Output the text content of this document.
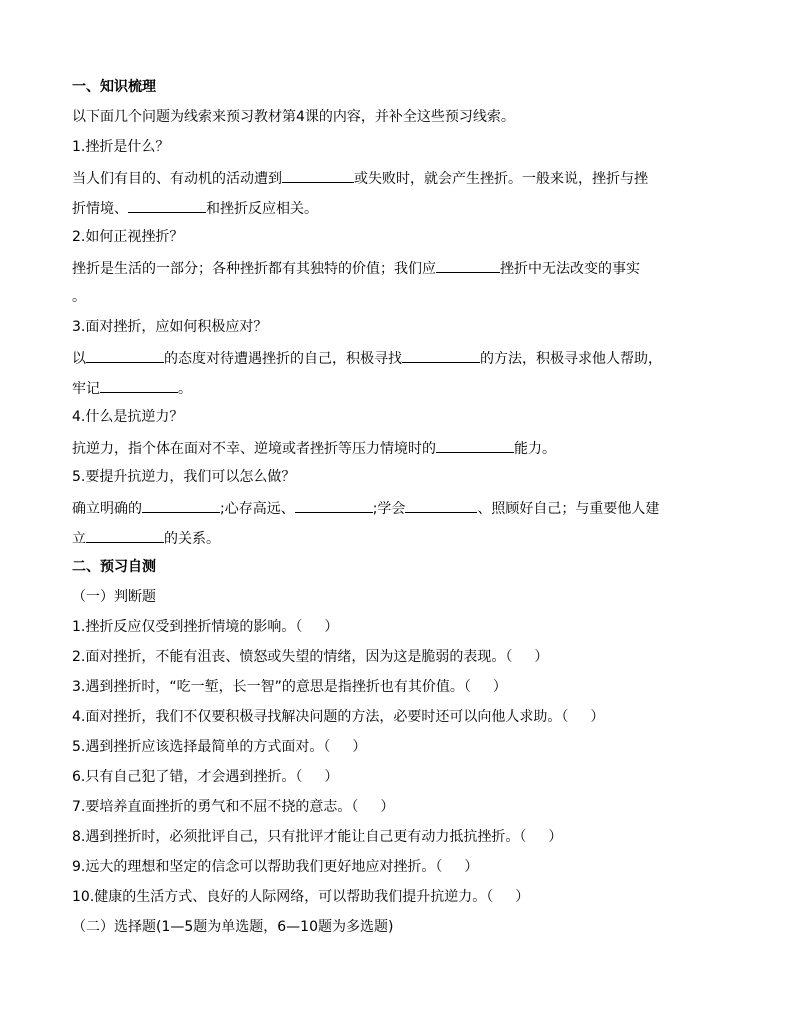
一、知识梳理
以下面几个问题为线索来预习教材第4课的内容，并补全这些预习线索。
1.挫折是什么？
当人们有目的、有动机的活动遭到	或失败时，就会产生挫折。一般来说，挫折与挫
折情境、	和挫折反应相关。
2.如何正视挫折？
挫折是生活的一部分；各种挫折都有其独特的价值；我们应	挫折中无法改变的事实
。
3.面对挫折，应如何积极应对？
以	的态度对待遭遇挫折的自己，积极寻找	的方法，积极寻求他人帮助，
牢记	。
4.什么是抗逆力？
抗逆力，指个体在面对不幸、逆境或者挫折等压力情境时的	能力。
5.要提升抗逆力，我们可以怎么做？
确立明确的	;心存高远、	;学会	、照顾好自己；与重要他人建
立	的关系。
二、预习自测
（一）判断题
1.挫折反应仅受到挫折情境的影响。（ ）
2.面对挫折，不能有沮丧、愤怒或失望的情绪，因为这是脆弱的表现。（ ）
3.遇到挫折时，“吃一堑，长一智”的意思是指挫折也有其价值。（ ）
4.面对挫折，我们不仅要积极寻找解决问题的方法，必要时还可以向他人求助。（ ）
5.遇到挫折应该选择最简单的方式面对。（ ）
6.只有自己犯了错，才会遇到挫折。（ ）
7.要培养直面挫折的勇气和不屈不挠的意志。（ ）
8.遇到挫折时，必须批评自己，只有批评才能让自己更有动力抵抗挫折。（ ）
9.远大的理想和坚定的信念可以帮助我们更好地应对挫折。（ ）
10.健康的生活方式、良好的人际网络，可以帮助我们提升抗逆力。（ ）
（二）选择题(1—5题为单选题，6—10题为多选题)
